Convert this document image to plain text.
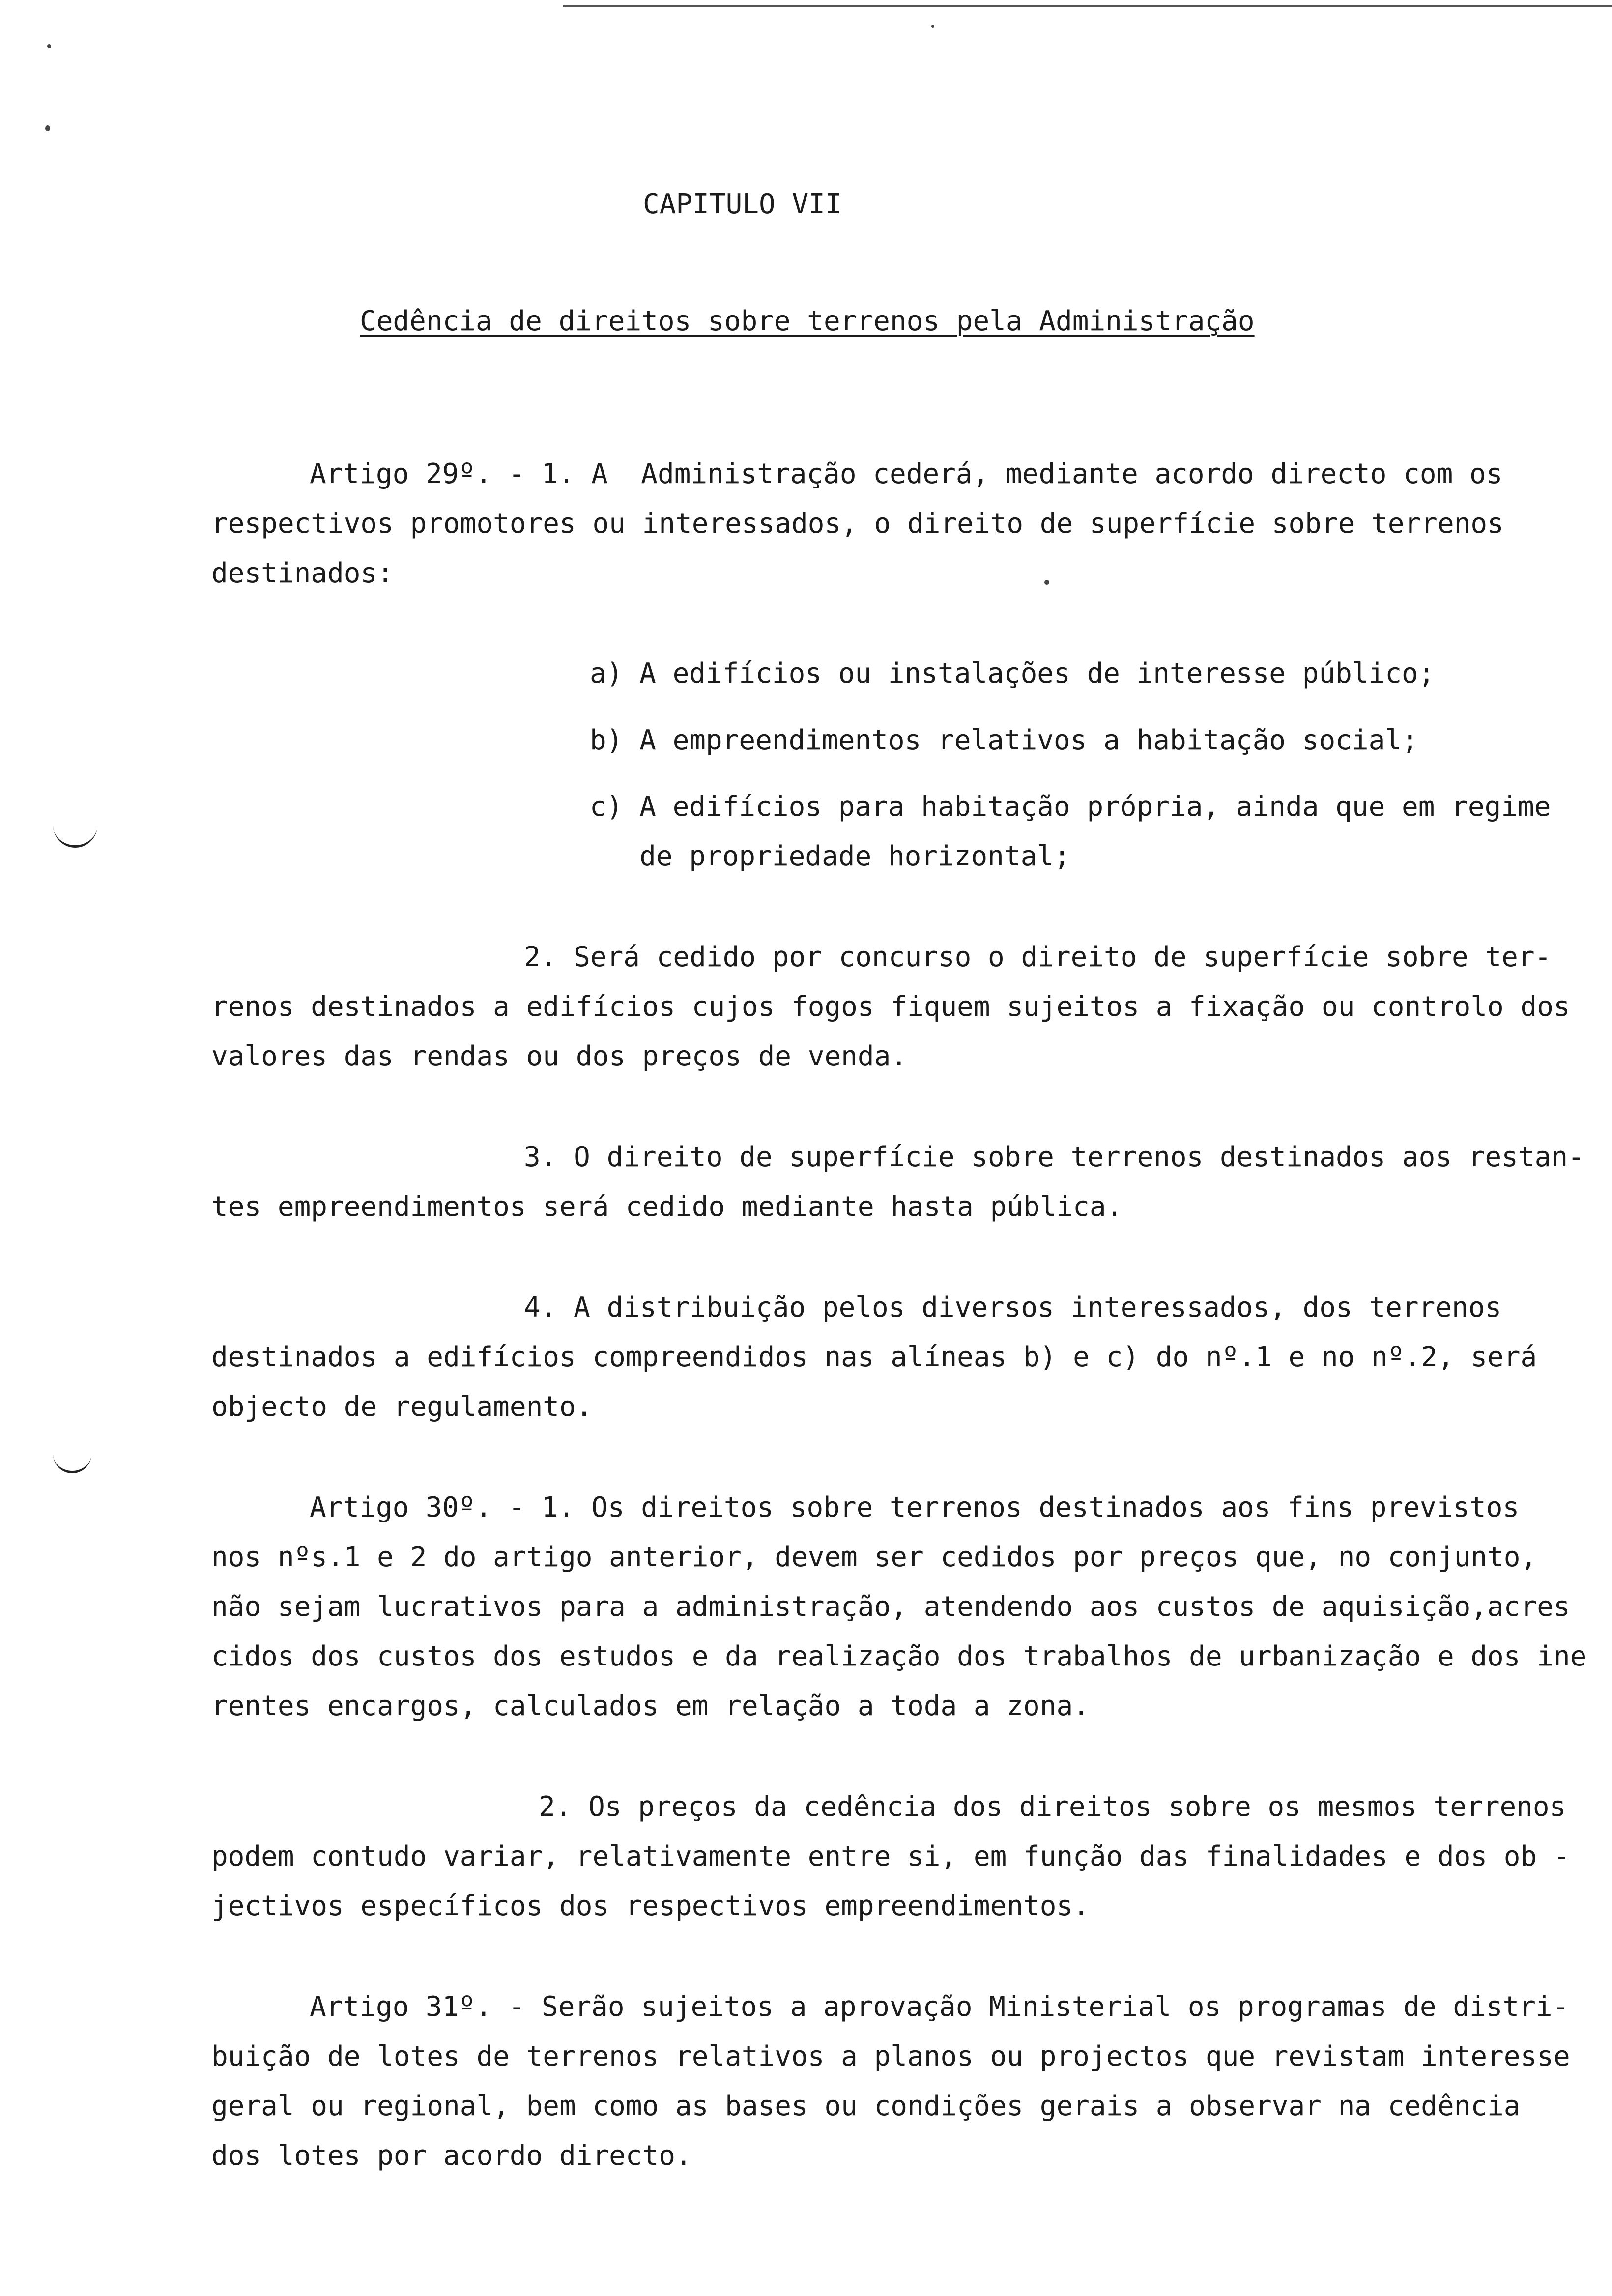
CAPITULO VII
Cedência de direitos sobre terrenos pela Administração
Artigo 29º. - 1. A  Administração cederá, mediante acordo directo com os
respectivos promotores ou interessados, o direito de superfície sobre terrenos
destinados:
a) A edifícios ou instalações de interesse público;
b) A empreendimentos relativos a habitação social;
c) A edifícios para habitação própria, ainda que em regime
de propriedade horizontal;
2. Será cedido por concurso o direito de superfície sobre ter-
renos destinados a edifícios cujos fogos fiquem sujeitos a fixação ou controlo dos
valores das rendas ou dos preços de venda.
3. O direito de superfície sobre terrenos destinados aos restan-
tes empreendimentos será cedido mediante hasta pública.
4. A distribuição pelos diversos interessados, dos terrenos
destinados a edifícios compreendidos nas alíneas b) e c) do nº.1 e no nº.2, será
objecto de regulamento.
Artigo 30º. - 1. Os direitos sobre terrenos destinados aos fins previstos
nos nºs.1 e 2 do artigo anterior, devem ser cedidos por preços que, no conjunto,
não sejam lucrativos para a administração, atendendo aos custos de aquisição,acres
cidos dos custos dos estudos e da realização dos trabalhos de urbanização e dos ine
rentes encargos, calculados em relação a toda a zona.
2. Os preços da cedência dos direitos sobre os mesmos terrenos
podem contudo variar, relativamente entre si, em função das finalidades e dos ob -
jectivos específicos dos respectivos empreendimentos.
Artigo 31º. - Serão sujeitos a aprovação Ministerial os programas de distri-
buição de lotes de terrenos relativos a planos ou projectos que revistam interesse
geral ou regional, bem como as bases ou condições gerais a observar na cedência
dos lotes por acordo directo.
